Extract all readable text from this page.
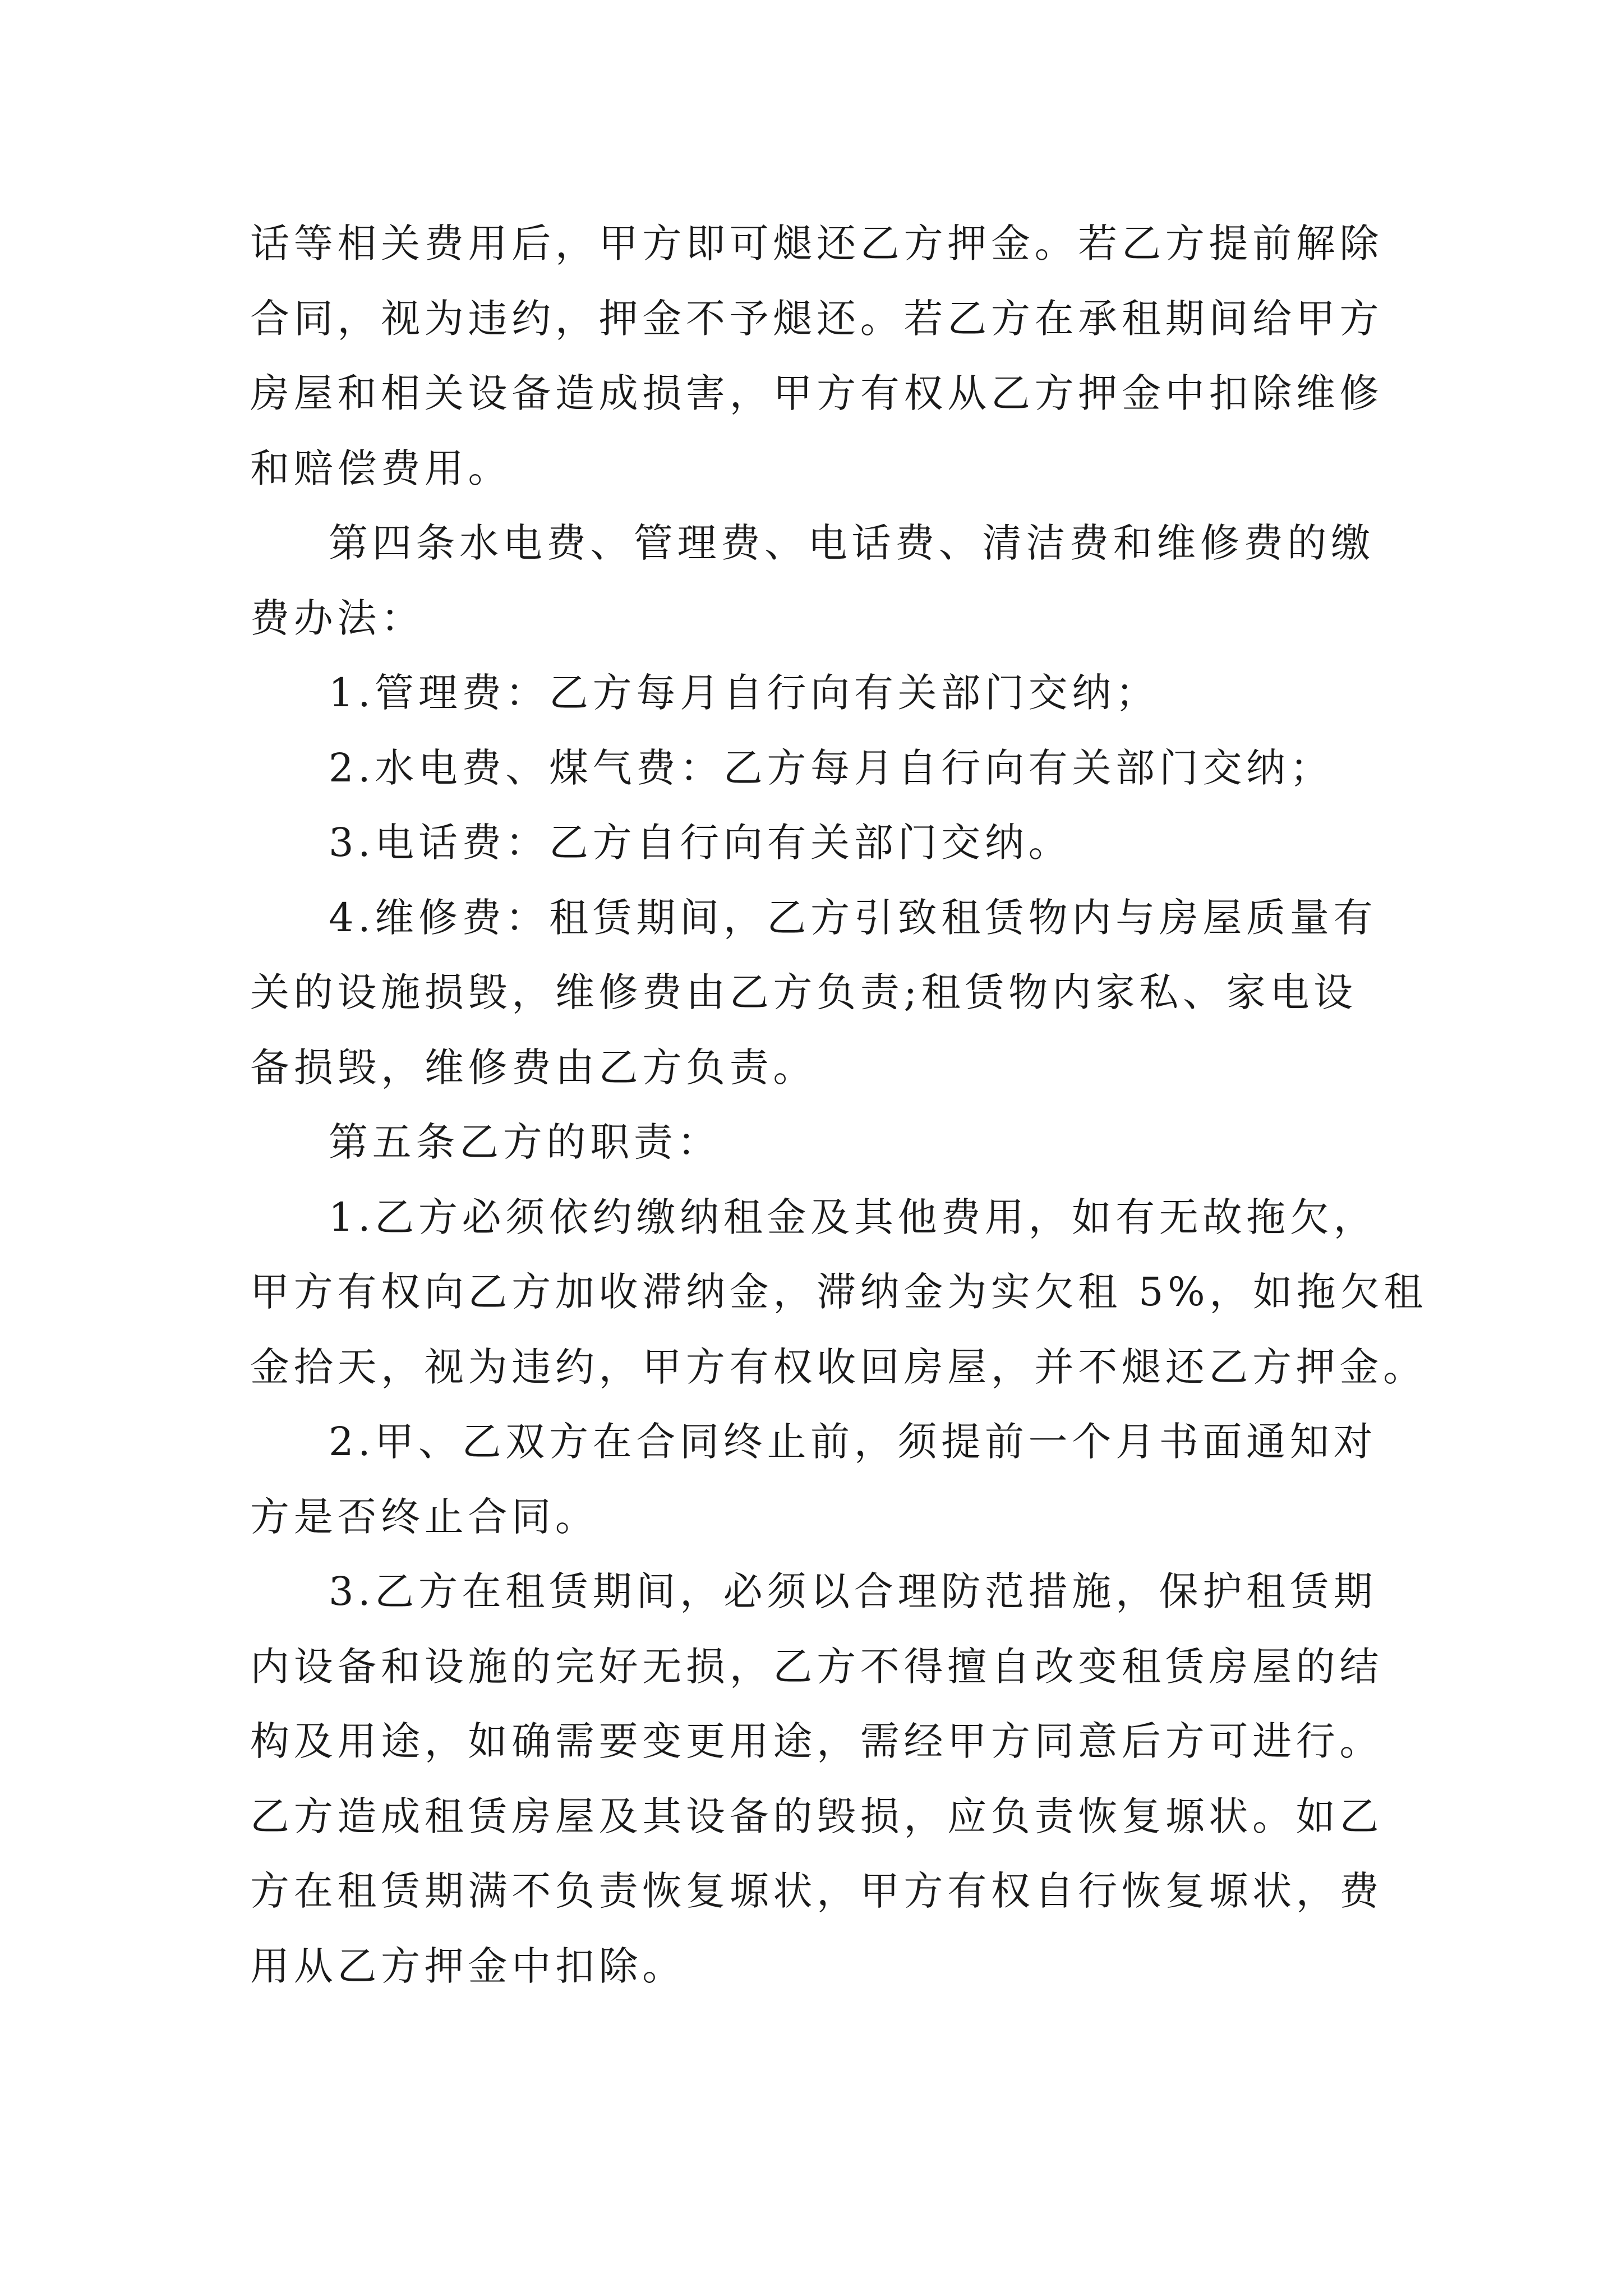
话等相关费用后，甲方即可煺还乙方押金。若乙方提前解除
合同，视为违约，押金不予煺还。若乙方在承租期间给甲方
房屋和相关设备造成损害，甲方有权从乙方押金中扣除维修
和赔偿费用。

第四条水电费、管理费、电话费、清洁费和维修费的缴
费办法：

1.管理费：乙方每月自行向有关部门交纳；

2.水电费、煤气费：乙方每月自行向有关部门交纳；

3.电话费：乙方自行向有关部门交纳。

4.维修费：租赁期间，乙方引致租赁物内与房屋质量有
关的设施损毁，维修费由乙方负责;租赁物内家私、家电设
备损毁，维修费由乙方负责。

第五条乙方的职责：

1.乙方必须依约缴纳租金及其他费用，如有无故拖欠，
甲方有权向乙方加收滞纳金，滞纳金为实欠租 5%，如拖欠租
金拾天，视为违约，甲方有权收回房屋，并不煺还乙方押金。

2.甲、乙双方在合同终止前，须提前一个月书面通知对
方是否终止合同。

3.乙方在租赁期间，必须以合理防范措施，保护租赁期
内设备和设施的完好无损，乙方不得擅自改变租赁房屋的结
构及用途，如确需要变更用途，需经甲方同意后方可进行。
乙方造成租赁房屋及其设备的毁损，应负责恢复塬状。如乙
方在租赁期满不负责恢复塬状，甲方有权自行恢复塬状，费
用从乙方押金中扣除。
